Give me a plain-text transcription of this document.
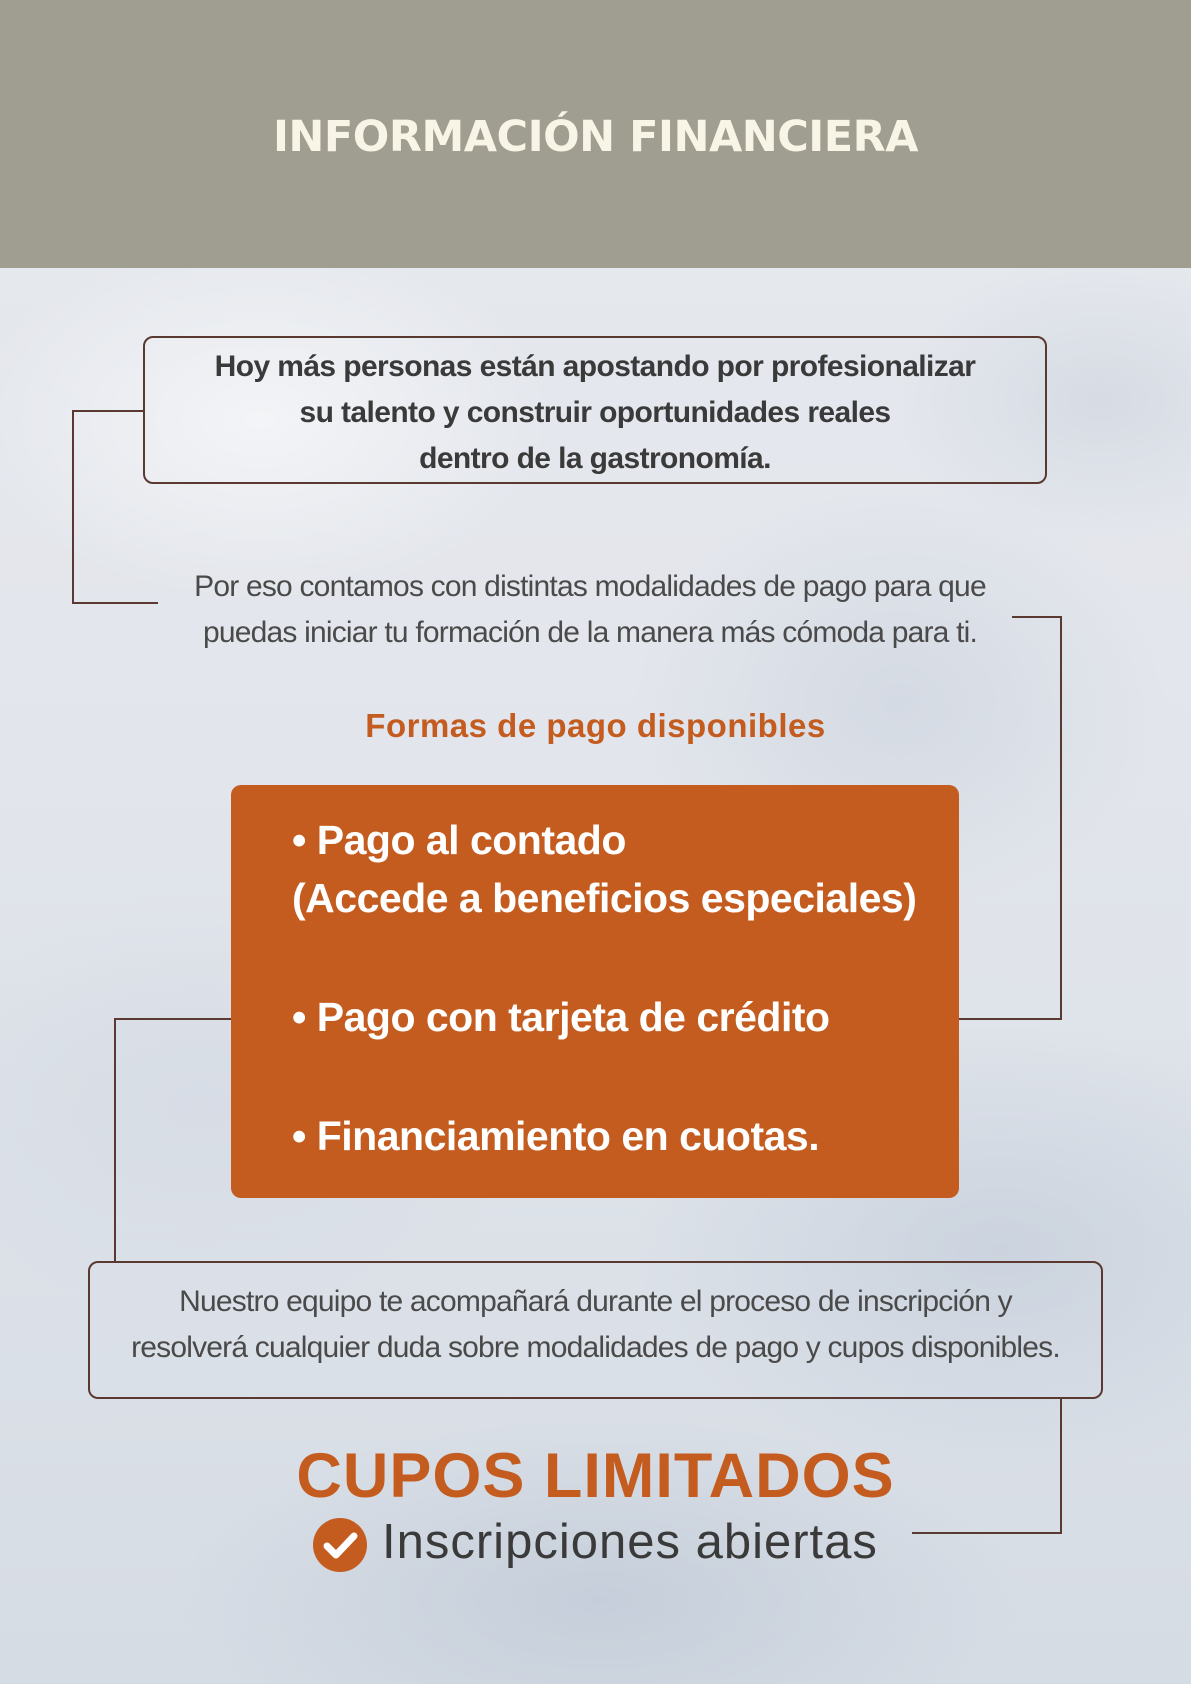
INFORMACIÓN FINANCIERA
Hoy más personas están apostando por profesionalizar
su talento y construir oportunidades reales
dentro de la gastronomía.
Por eso contamos con distintas modalidades de pago para que
puedas iniciar tu formación de la manera más cómoda para ti.
Formas de pago disponibles
• Pago al contado
(Accede a beneficios especiales)
• Pago con tarjeta de crédito
• Financiamiento en cuotas.
Nuestro equipo te acompañará durante el proceso de inscripción y
resolverá cualquier duda sobre modalidades de pago y cupos disponibles.
CUPOS LIMITADOS
Inscripciones abiertas
